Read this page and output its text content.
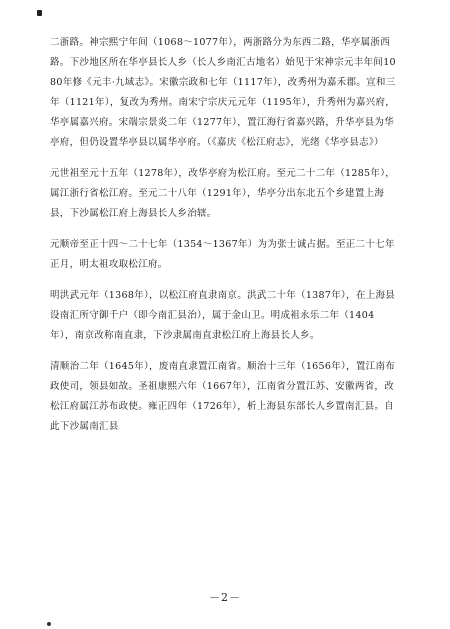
二浙路。神宗熙宁年间（1068～1077年），两浙路分为东西二路，华亭属浙西路。下沙地区所在华亭县长人乡（长人乡南汇古地名）始见于宋神宗元丰年间1080年修《元丰·九域志》。宋徽宗政和七年（1117年），改秀州为嘉禾郡。宣和三年（1121年），复改为秀州。南宋宁宗庆元元年（1195年），升秀州为嘉兴府，华亭属嘉兴府。宋端宗景炎二年（1277年），置江海行省嘉兴路，升华亭县为华亭府，但仍设置华亭县以属华亭府。（《嘉庆《松江府志》，光绪《华亭县志》）

元世祖至元十五年（1278年），改华亭府为松江府。至元二十二年（1285年），属江浙行省松江府。至元二十八年（1291年），华亭分出东北五个乡建置上海县，下沙属松江府上海县长人乡治辖。

元顺帝至正十四～二十七年（1354～1367年）为为张士诚占据。至正二十七年正月，明太祖攻取松江府。

明洪武元年（1368年），以松江府直隶南京。洪武二十年（1387年），在上海县设南汇所守御千户（即今南汇县治），属于金山卫。明成祖永乐二年（1404年），南京改称南直隶，下沙隶属南直隶松江府上海县长人乡。

清顺治二年（1645年），废南直隶置江南省。顺治十三年（1656年），置江南布政使司，领县如故。圣祖康熙六年（1667年），江南省分置江苏、安徽两省，改松江府属江苏布政使。雍正四年（1726年），析上海县东部长人乡置南汇县。自此下沙属南汇县

－2－
